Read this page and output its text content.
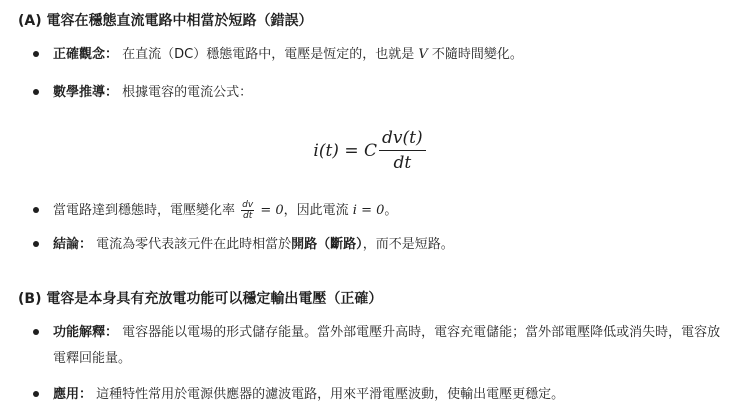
(A) 電容在穩態直流電路中相當於短路（錯誤）
正確觀念： 在直流（DC）穩態電路中，電壓是恆定的，也就是 V 不隨時間變化。
數學推導： 根據電容的電流公式：
i(t) = C $\frac{dv(t)}{dt}$
當電路達到穩態時，電壓變化率 $\frac{dv}{dt} = 0$，因此電流 i = 0。
結論： 電流為零代表該元件在此時相當於開路（斷路），而不是短路。
(B) 電容是本身具有充放電功能可以穩定輸出電壓（正確）
功能解釋： 電容器能以電場的形式儲存能量。當外部電壓升高時，電容充電儲能；當外部電壓降低或消失時，電容放電釋回能量。
應用： 這種特性常用於電源供應器的濾波電路，用來平滑電壓波動，使輸出電壓更穩定。
